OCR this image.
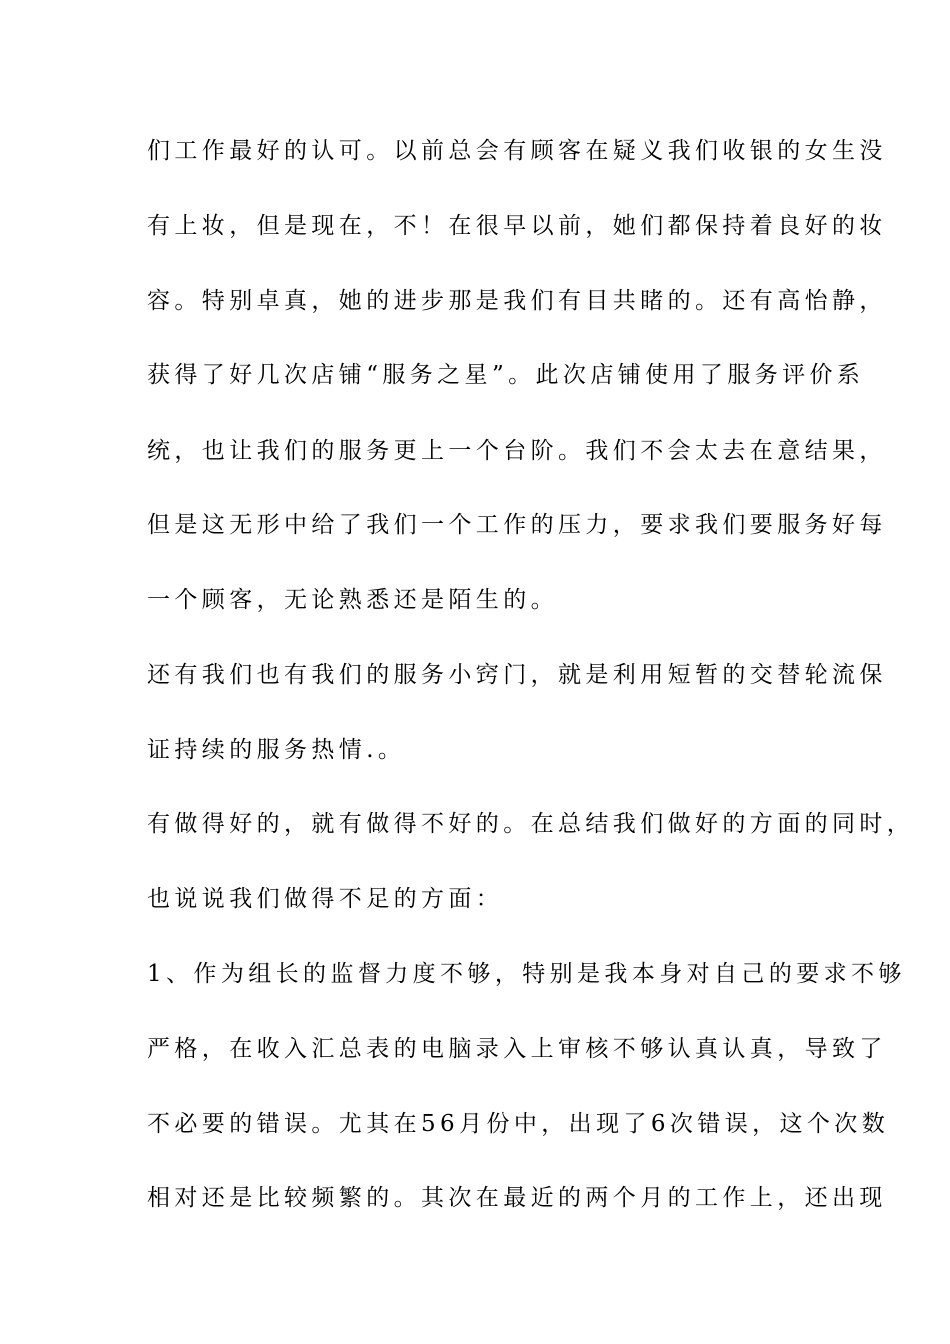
们工作最好的认可。以前总会有顾客在疑义我们收银的女生没
有上妆，但是现在，不！在很早以前，她们都保持着良好的妆
容。特别卓真，她的进步那是我们有目共睹的。还有高怡静，
获得了好几次店铺“服务之星”。此次店铺使用了服务评价系
统，也让我们的服务更上一个台阶。我们不会太去在意结果，
但是这无形中给了我们一个工作的压力，要求我们要服务好每
一个顾客，无论熟悉还是陌生的。
还有我们也有我们的服务小窍门，就是利用短暂的交替轮流保
证持续的服务热情.。
有做得好的，就有做得不好的。在总结我们做好的方面的同时，
也说说我们做得不足的方面：
1、作为组长的监督力度不够，特别是我本身对自己的要求不够
严格，在收入汇总表的电脑录入上审核不够认真认真，导致了
不必要的错误。尤其在56月份中，出现了6次错误，这个次数
相对还是比较频繁的。其次在最近的两个月的工作上，还出现
